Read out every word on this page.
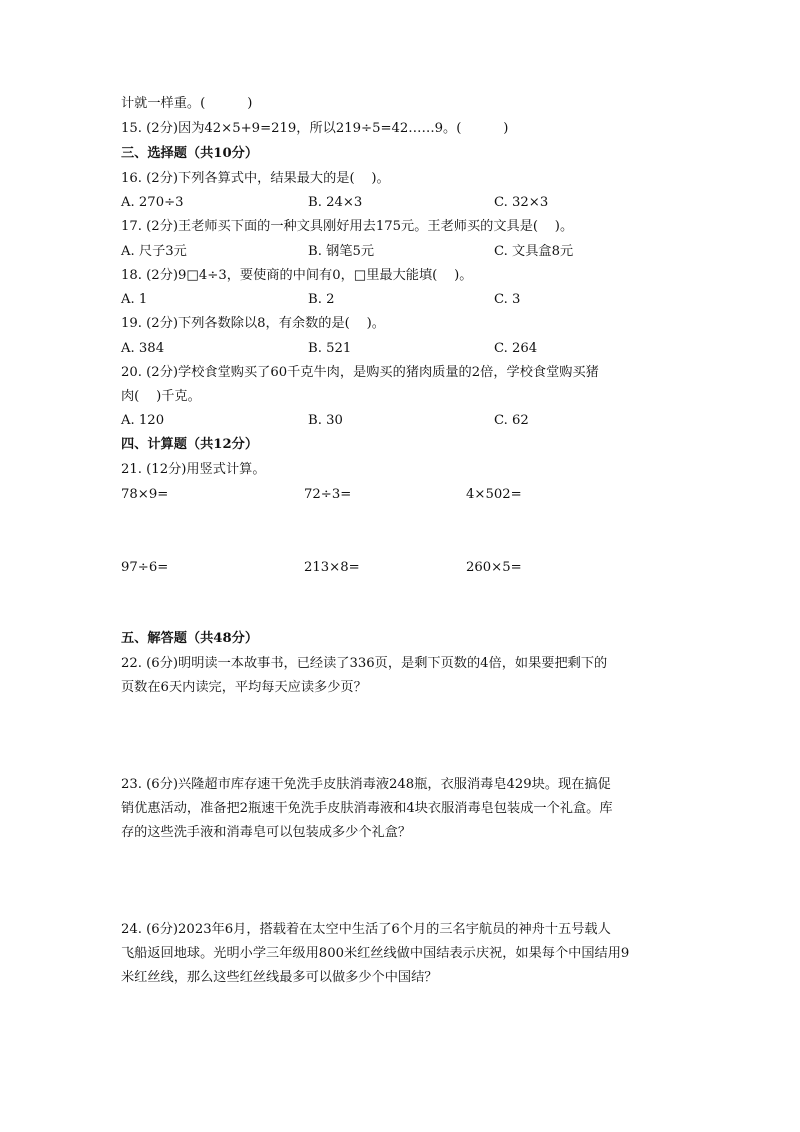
计就一样重。(          )
15. (2分)因为42×5+9=219，所以219÷5=42……9。(          )
三、选择题（共10分）
16. (2分)下列各算式中，结果最大的是(    )。
A. 270÷3	B. 24×3	C. 32×3
17. (2分)王老师买下面的一种文具刚好用去175元。王老师买的文具是(    )。
A. 尺子3元	B. 钢笔5元	C. 文具盒8元
18. (2分)9□4÷3，要使商的中间有0，□里最大能填(    )。
A. 1	B. 2	C. 3
19. (2分)下列各数除以8，有余数的是(    )。
A. 384	B. 521	C. 264
20. (2分)学校食堂购买了60千克牛肉，是购买的猪肉质量的2倍，学校食堂购买猪
肉(    )千克。
A. 120	B. 30	C. 62
四、计算题（共12分）
21. (12分)用竖式计算。
78×9=	72÷3=	4×502=
97÷6=	213×8=	260×5=
五、解答题（共48分）
22. (6分)明明读一本故事书，已经读了336页，是剩下页数的4倍，如果要把剩下的
页数在6天内读完，平均每天应读多少页？
23. (6分)兴隆超市库存速干免洗手皮肤消毒液248瓶，衣服消毒皂429块。现在搞促
销优惠活动，准备把2瓶速干免洗手皮肤消毒液和4块衣服消毒皂包装成一个礼盒。库
存的这些洗手液和消毒皂可以包装成多少个礼盒？
24. (6分)2023年6月，搭载着在太空中生活了6个月的三名宇航员的神舟十五号载人
飞船返回地球。光明小学三年级用800米红丝线做中国结表示庆祝，如果每个中国结用9
米红丝线，那么这些红丝线最多可以做多少个中国结？
